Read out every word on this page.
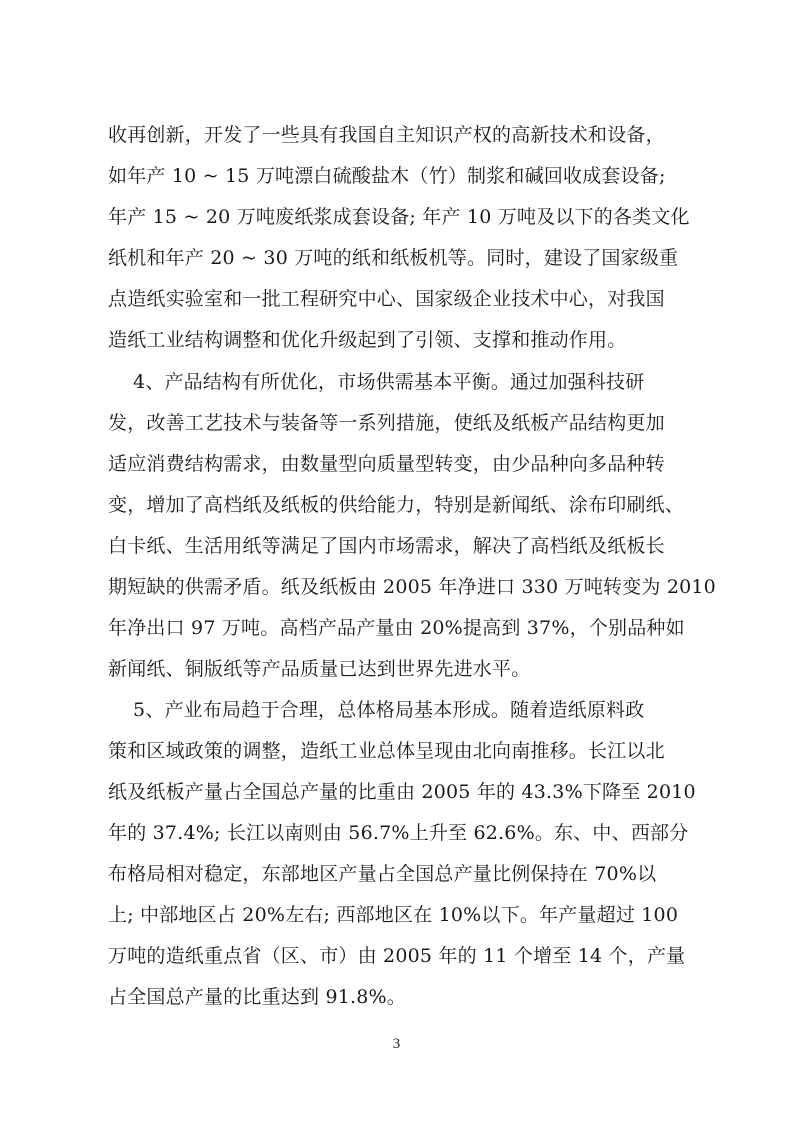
收再创新，开发了一些具有我国自主知识产权的高新技术和设备，
如年产 10 ~ 15 万吨漂白硫酸盐木（竹）制浆和碱回收成套设备;
年产 15 ~ 20 万吨废纸浆成套设备; 年产 10 万吨及以下的各类文化
纸机和年产 20 ~ 30 万吨的纸和纸板机等。同时，建设了国家级重
点造纸实验室和一批工程研究中心、国家级企业技术中心，对我国
造纸工业结构调整和优化升级起到了引领、支撑和推动作用。
4、产品结构有所优化，市场供需基本平衡。通过加强科技研
发，改善工艺技术与装备等一系列措施，使纸及纸板产品结构更加
适应消费结构需求，由数量型向质量型转变，由少品种向多品种转
变，增加了高档纸及纸板的供给能力，特别是新闻纸、涂布印刷纸、
白卡纸、生活用纸等满足了国内市场需求，解决了高档纸及纸板长
期短缺的供需矛盾。纸及纸板由 2005 年净进口 330 万吨转变为 2010
年净出口 97 万吨。高档产品产量由 20%提高到 37%，个别品种如
新闻纸、铜版纸等产品质量已达到世界先进水平。
5、产业布局趋于合理，总体格局基本形成。随着造纸原料政
策和区域政策的调整，造纸工业总体呈现由北向南推移。长江以北
纸及纸板产量占全国总产量的比重由 2005 年的 43.3%下降至 2010
年的 37.4%; 长江以南则由 56.7%上升至 62.6%。东、中、西部分
布格局相对稳定，东部地区产量占全国总产量比例保持在 70%以
上; 中部地区占 20%左右; 西部地区在 10%以下。年产量超过 100
万吨的造纸重点省（区、市）由 2005 年的 11 个增至 14 个，产量
占全国总产量的比重达到 91.8%。
3
